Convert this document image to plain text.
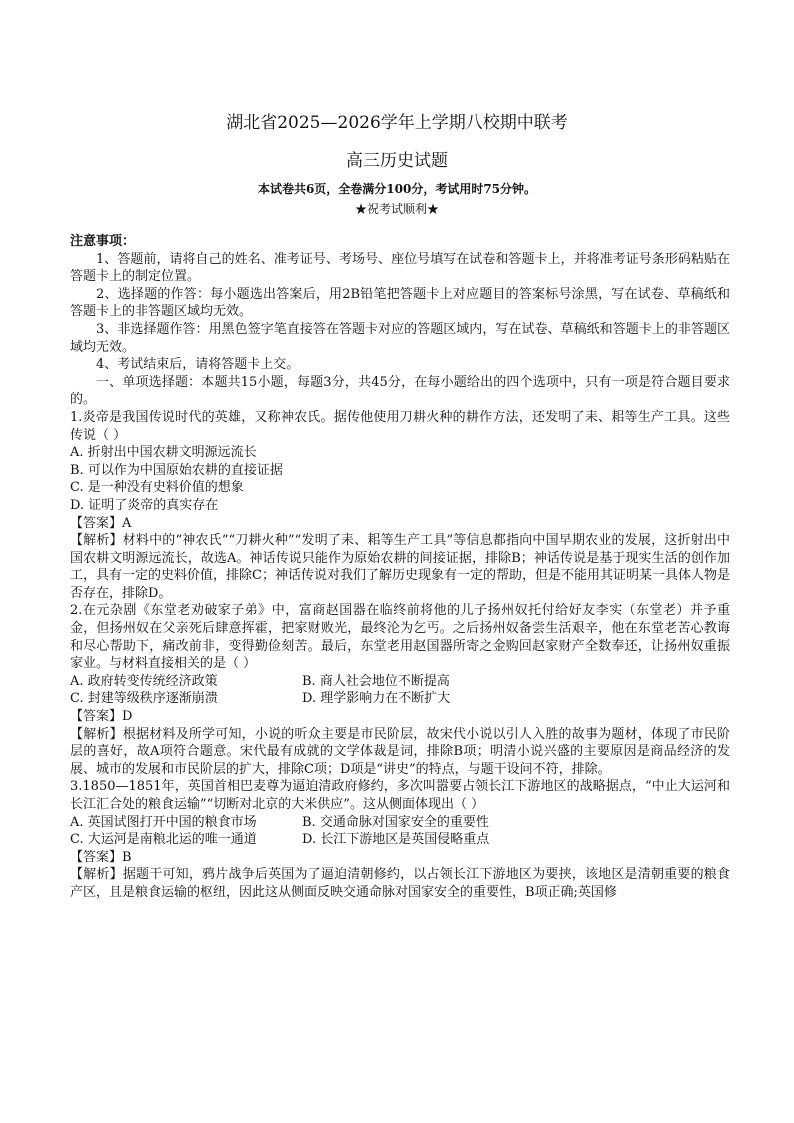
湖北省2025—2026学年上学期八校期中联考
高三历史试题
本试卷共6页，全卷满分100分，考试用时75分钟。
★祝考试顺利★

注意事项：

1、答题前，请将自己的姓名、准考证号、考场号、座位号填写在试卷和答题卡上，并将准考证号条形码粘贴在答题卡上的制定位置。

2、选择题的作答：每小题选出答案后，用2B铅笔把答题卡上对应题目的答案标号涂黑，写在试卷、草稿纸和答题卡上的非答题区域均无效。

3、非选择题作答：用黑色签字笔直接答在答题卡对应的答题区域内，写在试卷、草稿纸和答题卡上的非答题区域均无效。

4、考试结束后，请将答题卡上交。

一、单项选择题：本题共15小题，每题3分，共45分，在每小题给出的四个选项中，只有一项是符合题目要求的。

1.炎帝是我国传说时代的英雄，又称神农氏。据传他使用刀耕火种的耕作方法，还发明了耒、耜等生产工具。这些传说（ ）

A. 折射出中国农耕文明源远流长

B. 可以作为中国原始农耕的直接证据

C. 是一种没有史料价值的想象

D. 证明了炎帝的真实存在

【答案】A

【解析】材料中的“神农氏”“刀耕火种”“发明了耒、耜等生产工具”等信息都指向中国早期农业的发展，这折射出中国农耕文明源远流长，故选A。神话传说只能作为原始农耕的间接证据，排除B；神话传说是基于现实生活的创作加工，具有一定的史料价值，排除C；神话传说对我们了解历史现象有一定的帮助，但是不能用其证明某一具体人物是否存在，排除D。

2.在元杂剧《东堂老劝破家子弟》中，富商赵国器在临终前将他的儿子扬州奴托付给好友李实（东堂老）并予重金，但扬州奴在父亲死后肆意挥霍，把家财败光，最终沦为乞丐。之后扬州奴备尝生活艰辛，他在东堂老苦心教诲和尽心帮助下，痛改前非，变得勤俭刻苦。最后，东堂老用赵国器所寄之金购回赵家财产全数奉还，让扬州奴重振家业。与材料直接相关的是（ ）

A. 政府转变传统经济政策	B. 商人社会地位不断提高
C. 封建等级秩序逐渐崩溃	D. 理学影响力在不断扩大

【答案】D

【解析】根据材料及所学可知，小说的听众主要是市民阶层，故宋代小说以引人入胜的故事为题材，体现了市民阶层的喜好，故A项符合题意。宋代最有成就的文学体裁是词，排除B项；明清小说兴盛的主要原因是商品经济的发展、城市的发展和市民阶层的扩大，排除C项；D项是“讲史”的特点，与题干设问不符，排除。

3.1850—1851年，英国首相巴麦尊为逼迫清政府修约，多次叫嚣要占领长江下游地区的战略据点，“中止大运河和长江汇合处的粮食运输”“切断对北京的大米供应”。这从侧面体现出（ ）

A. 英国试图打开中国的粮食市场	B. 交通命脉对国家安全的重要性
C. 大运河是南粮北运的唯一通道	D. 长江下游地区是英国侵略重点

【答案】B

【解析】据题干可知，鸦片战争后英国为了逼迫清朝修约，以占领长江下游地区为要挟，该地区是清朝重要的粮食产区，且是粮食运输的枢纽，因此这从侧面反映交通命脉对国家安全的重要性，B项正确;英国修
